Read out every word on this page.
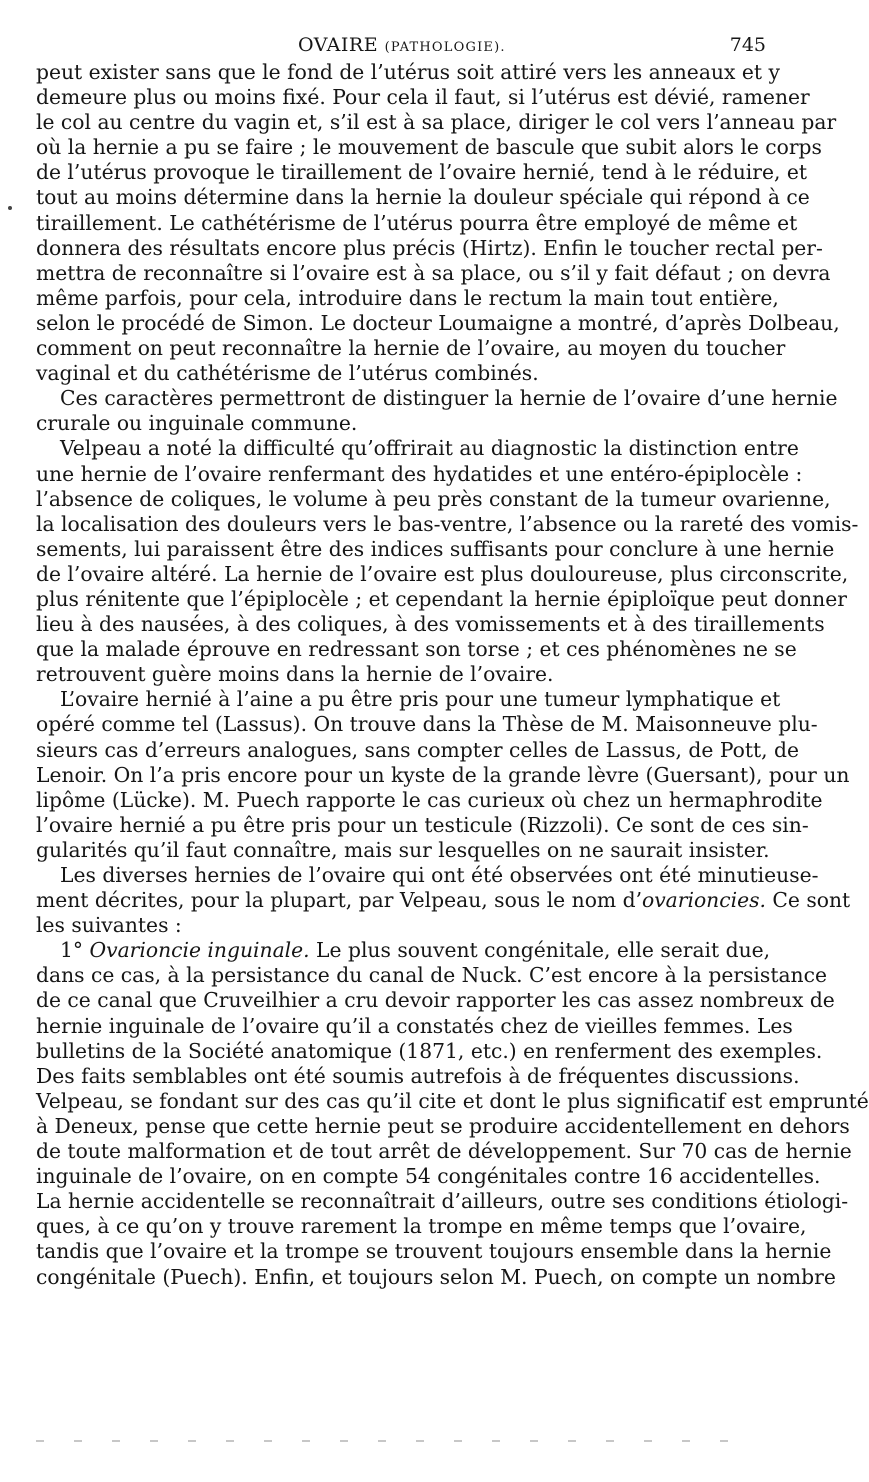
OVAIRE (PATHOLOGIE).	745
peut exister sans que le fond de l’utérus soit attiré vers les anneaux et y
demeure plus ou moins fixé. Pour cela il faut, si l’utérus est dévié, ramener
le col au centre du vagin et, s’il est à sa place, diriger le col vers l’anneau par
où la hernie a pu se faire ; le mouvement de bascule que subit alors le corps
de l’utérus provoque le tiraillement de l’ovaire hernié, tend à le réduire, et
tout au moins détermine dans la hernie la douleur spéciale qui répond à ce
tiraillement. Le cathétérisme de l’utérus pourra être employé de même et
donnera des résultats encore plus précis (Hirtz). Enfin le toucher rectal per-
mettra de reconnaître si l’ovaire est à sa place, ou s’il y fait défaut ; on devra
même parfois, pour cela, introduire dans le rectum la main tout entière,
selon le procédé de Simon. Le docteur Loumaigne a montré, d’après Dolbeau,
comment on peut reconnaître la hernie de l’ovaire, au moyen du toucher
vaginal et du cathétérisme de l’utérus combinés.
Ces caractères permettront de distinguer la hernie de l’ovaire d’une hernie
crurale ou inguinale commune.
Velpeau a noté la difficulté qu’offrirait au diagnostic la distinction entre
une hernie de l’ovaire renfermant des hydatides et une entéro-épiplocèle :
l’absence de coliques, le volume à peu près constant de la tumeur ovarienne,
la localisation des douleurs vers le bas-ventre, l’absence ou la rareté des vomis-
sements, lui paraissent être des indices suffisants pour conclure à une hernie
de l’ovaire altéré. La hernie de l’ovaire est plus douloureuse, plus circonscrite,
plus rénitente que l’épiplocèle ; et cependant la hernie épiploïque peut donner
lieu à des nausées, à des coliques, à des vomissements et à des tiraillements
que la malade éprouve en redressant son torse ; et ces phénomènes ne se
retrouvent guère moins dans la hernie de l’ovaire.
L’ovaire hernié à l’aine a pu être pris pour une tumeur lymphatique et
opéré comme tel (Lassus). On trouve dans la Thèse de M. Maisonneuve plu-
sieurs cas d’erreurs analogues, sans compter celles de Lassus, de Pott, de
Lenoir. On l’a pris encore pour un kyste de la grande lèvre (Guersant), pour un
lipôme (Lücke). M. Puech rapporte le cas curieux où chez un hermaphrodite
l’ovaire hernié a pu être pris pour un testicule (Rizzoli). Ce sont de ces sin-
gularités qu’il faut connaître, mais sur lesquelles on ne saurait insister.
Les diverses hernies de l’ovaire qui ont été observées ont été minutieuse-
ment décrites, pour la plupart, par Velpeau, sous le nom d’ovarioncies. Ce sont
les suivantes :
1° Ovarioncie inguinale. Le plus souvent congénitale, elle serait due,
dans ce cas, à la persistance du canal de Nuck. C’est encore à la persistance
de ce canal que Cruveilhier a cru devoir rapporter les cas assez nombreux de
hernie inguinale de l’ovaire qu’il a constatés chez de vieilles femmes. Les
bulletins de la Société anatomique (1871, etc.) en renferment des exemples.
Des faits semblables ont été soumis autrefois à de fréquentes discussions.
Velpeau, se fondant sur des cas qu’il cite et dont le plus significatif est emprunté
à Deneux, pense que cette hernie peut se produire accidentellement en dehors
de toute malformation et de tout arrêt de développement. Sur 70 cas de hernie
inguinale de l’ovaire, on en compte 54 congénitales contre 16 accidentelles.
La hernie accidentelle se reconnaîtrait d’ailleurs, outre ses conditions étiologi-
ques, à ce qu’on y trouve rarement la trompe en même temps que l’ovaire,
tandis que l’ovaire et la trompe se trouvent toujours ensemble dans la hernie
congénitale (Puech). Enfin, et toujours selon M. Puech, on compte un nombre
